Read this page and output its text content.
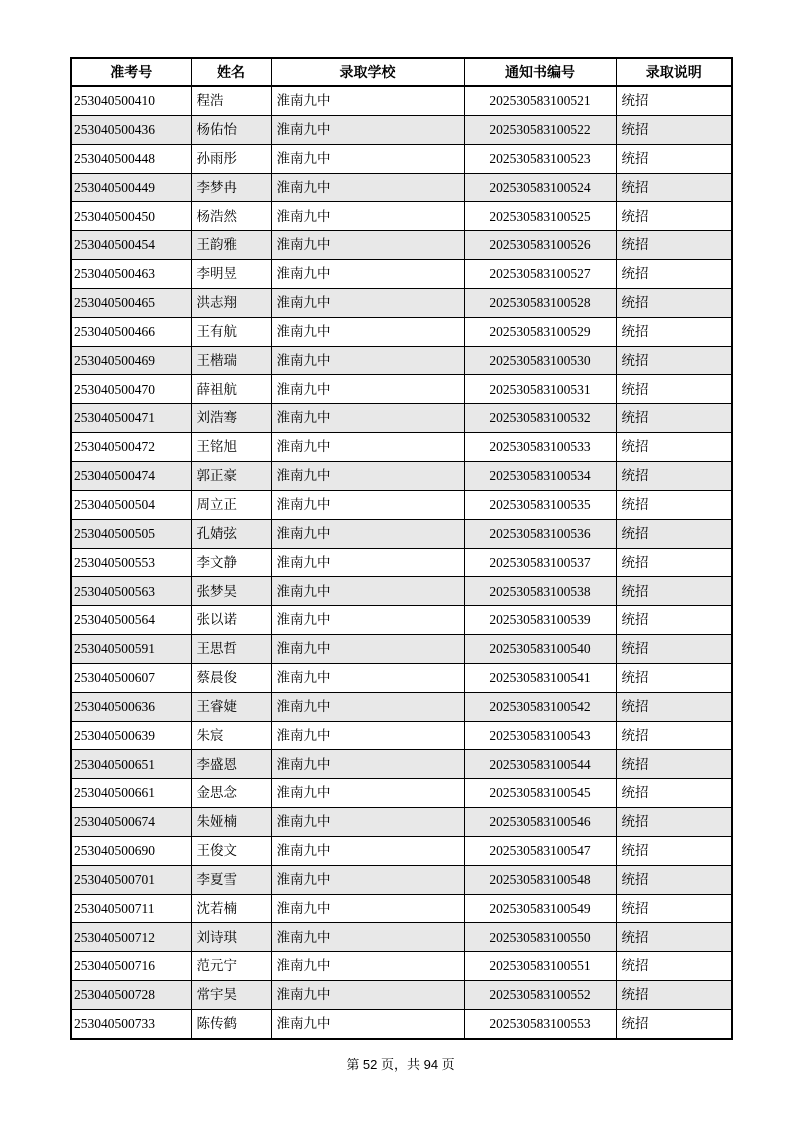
准考号	姓名	录取学校	通知书编号	录取说明
253040500410	程浩	淮南九中	202530583100521	统招
253040500436	杨佑怡	淮南九中	202530583100522	统招
253040500448	孙雨彤	淮南九中	202530583100523	统招
253040500449	李梦冉	淮南九中	202530583100524	统招
253040500450	杨浩然	淮南九中	202530583100525	统招
253040500454	王韵雅	淮南九中	202530583100526	统招
253040500463	李明昱	淮南九中	202530583100527	统招
253040500465	洪志翔	淮南九中	202530583100528	统招
253040500466	王有航	淮南九中	202530583100529	统招
253040500469	王楷瑞	淮南九中	202530583100530	统招
253040500470	薛祖航	淮南九中	202530583100531	统招
253040500471	刘浩骞	淮南九中	202530583100532	统招
253040500472	王铭旭	淮南九中	202530583100533	统招
253040500474	郭正豪	淮南九中	202530583100534	统招
253040500504	周立正	淮南九中	202530583100535	统招
253040500505	孔婧弦	淮南九中	202530583100536	统招
253040500553	李文静	淮南九中	202530583100537	统招
253040500563	张梦昊	淮南九中	202530583100538	统招
253040500564	张以诺	淮南九中	202530583100539	统招
253040500591	王思哲	淮南九中	202530583100540	统招
253040500607	蔡晨俊	淮南九中	202530583100541	统招
253040500636	王睿婕	淮南九中	202530583100542	统招
253040500639	朱宸	淮南九中	202530583100543	统招
253040500651	李盛恩	淮南九中	202530583100544	统招
253040500661	金思念	淮南九中	202530583100545	统招
253040500674	朱娅楠	淮南九中	202530583100546	统招
253040500690	王俊文	淮南九中	202530583100547	统招
253040500701	李夏雪	淮南九中	202530583100548	统招
253040500711	沈若楠	淮南九中	202530583100549	统招
253040500712	刘诗琪	淮南九中	202530583100550	统招
253040500716	范元宁	淮南九中	202530583100551	统招
253040500728	常宇昊	淮南九中	202530583100552	统招
253040500733	陈传鹤	淮南九中	202530583100553	统招
第 52 页，共 94 页
